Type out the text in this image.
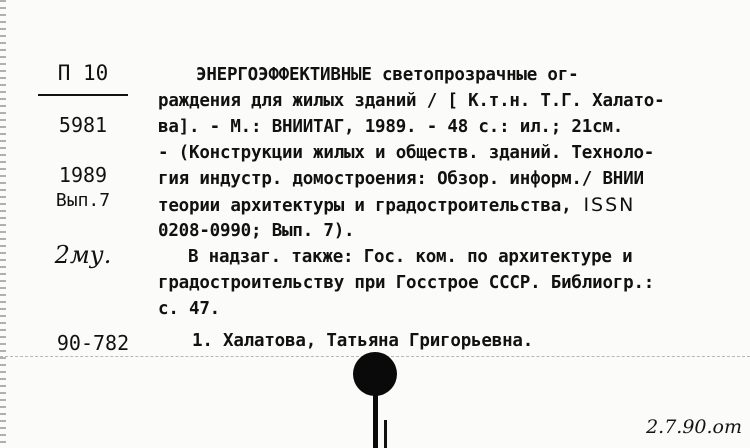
П 10
5981
1989
Вып.7
2му.
90-782
ЭНЕРГОЭФФЕКТИВНЫЕ светопрозрачные ог-
раждения для жилых зданий / [ К.т.н. Т.Г. Халато-
ва]. - М.: ВНИИТАГ, 1989. - 48 с.: ил.; 21см.
- (Конструкции жилых и обществ. зданий. Техноло-
гия индустр. домостроения: Обзор. информ./ ВНИИ
теории архитектуры и градостроительства, ISSN
0208-0990; Вып. 7).
В надзаг. также: Гос. ком. по архитектуре и
градостроительству при Госстрое СССР. Библиогр.:
с. 47.
1. Халатова, Татьяна Григорьевна.
2.7.90.от
